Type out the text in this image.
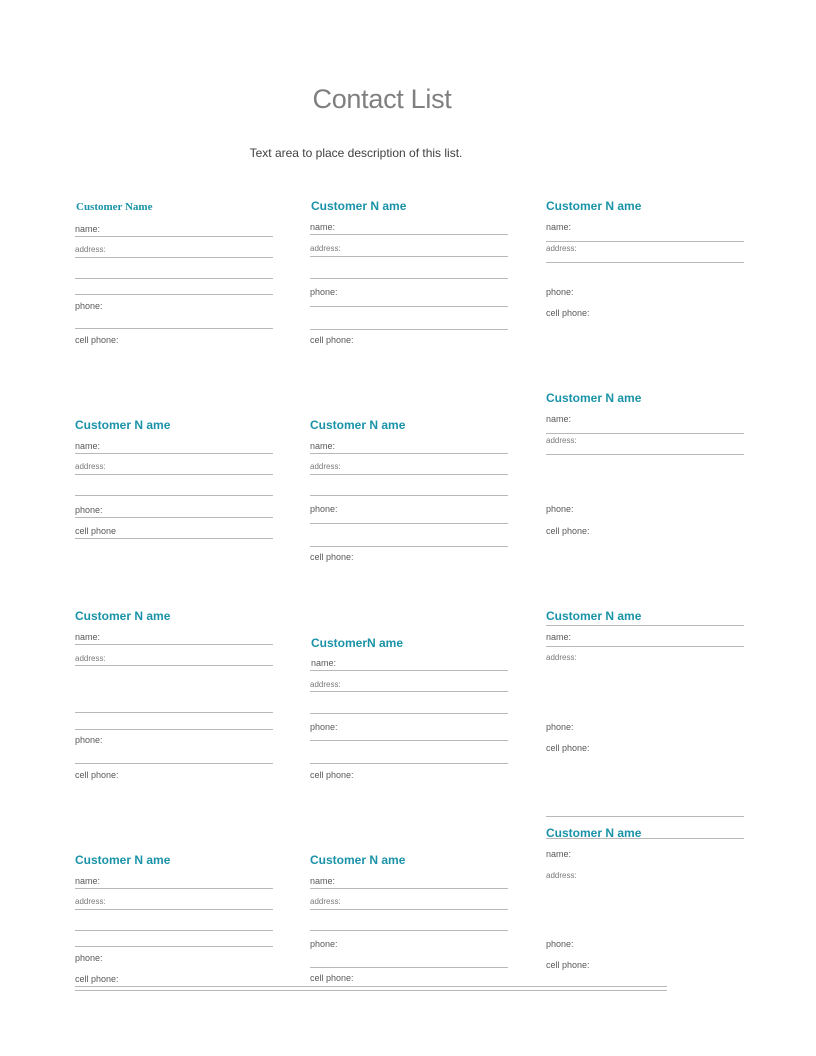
Contact List
Text area to place description of this list.
Customer Name
name:
address:
phone:
cell phone:
Customer N ame
name:
address:
phone:
cell phone:
Customer N ame
name:
address:
phone:
cell phone:
Customer N ame
name:
address:
phone:
cell phone
Customer N ame
name:
address:
phone:
cell phone:
Customer N ame
name:
address:
phone:
cell phone:
Customer N ame
name:
address:
phone:
cell phone:
CustomerN ame
name:
address:
phone:
cell phone:
Customer N ame
name:
address:
phone:
cell phone:
Customer N ame
name:
address:
phone:
cell phone:
Customer N ame
name:
address:
phone:
cell phone:
Customer N ame
name:
address:
phone:
cell phone:
